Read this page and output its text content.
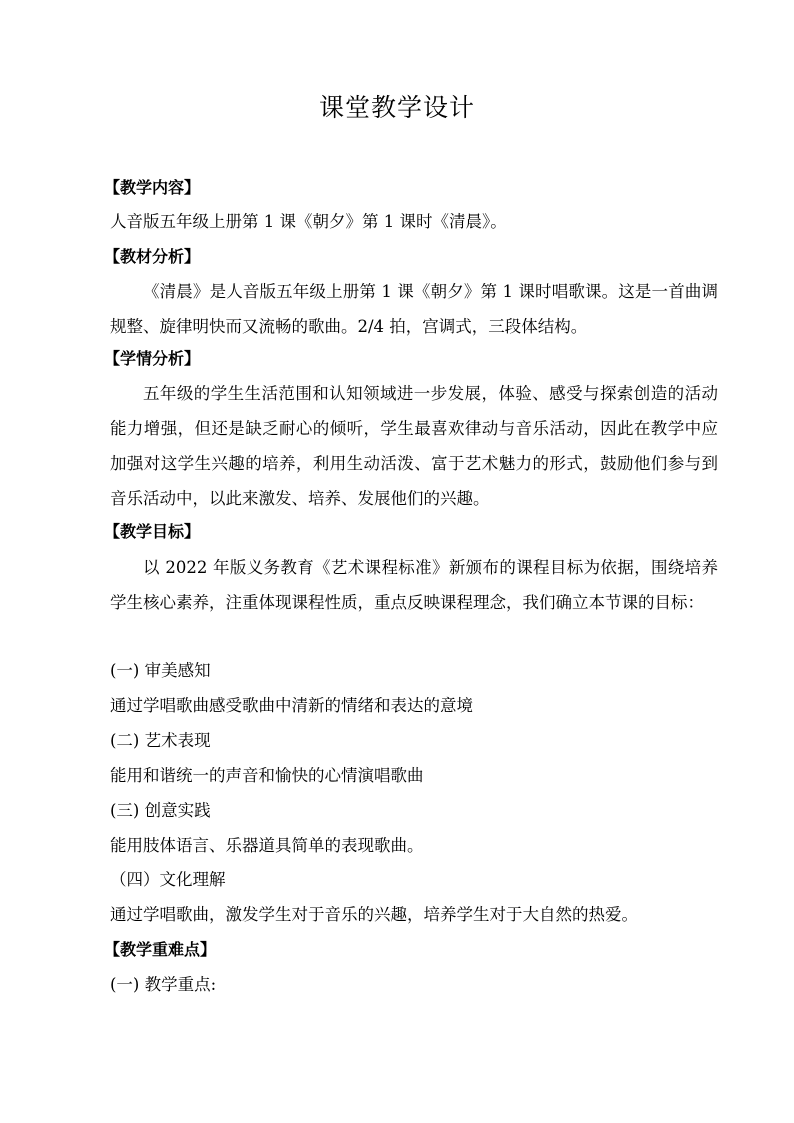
课堂教学设计

【教学内容】

人音版五年级上册第 1 课《朝夕》第 1 课时《清晨》。

【教材分析】

《清晨》是人音版五年级上册第 1 课《朝夕》第 1 课时唱歌课。这是一首曲调规整、旋律明快而又流畅的歌曲。2/4 拍，宫调式，三段体结构。

【学情分析】

五年级的学生生活范围和认知领域进一步发展，体验、感受与探索创造的活动能力增强，但还是缺乏耐心的倾听，学生最喜欢律动与音乐活动，因此在教学中应加强对这学生兴趣的培养，利用生动活泼、富于艺术魅力的形式，鼓励他们参与到音乐活动中，以此来激发、培养、发展他们的兴趣。

【教学目标】

以 2022 年版义务教育《艺术课程标准》新颁布的课程目标为依据，围绕培养学生核心素养，注重体现课程性质，重点反映课程理念，我们确立本节课的目标：

(一) 审美感知

通过学唱歌曲感受歌曲中清新的情绪和表达的意境

(二) 艺术表现

能用和谐统一的声音和愉快的心情演唱歌曲

(三) 创意实践

能用肢体语言、乐器道具简单的表现歌曲。

（四）文化理解

通过学唱歌曲，激发学生对于音乐的兴趣，培养学生对于大自然的热爱。

【教学重难点】

(一) 教学重点:
